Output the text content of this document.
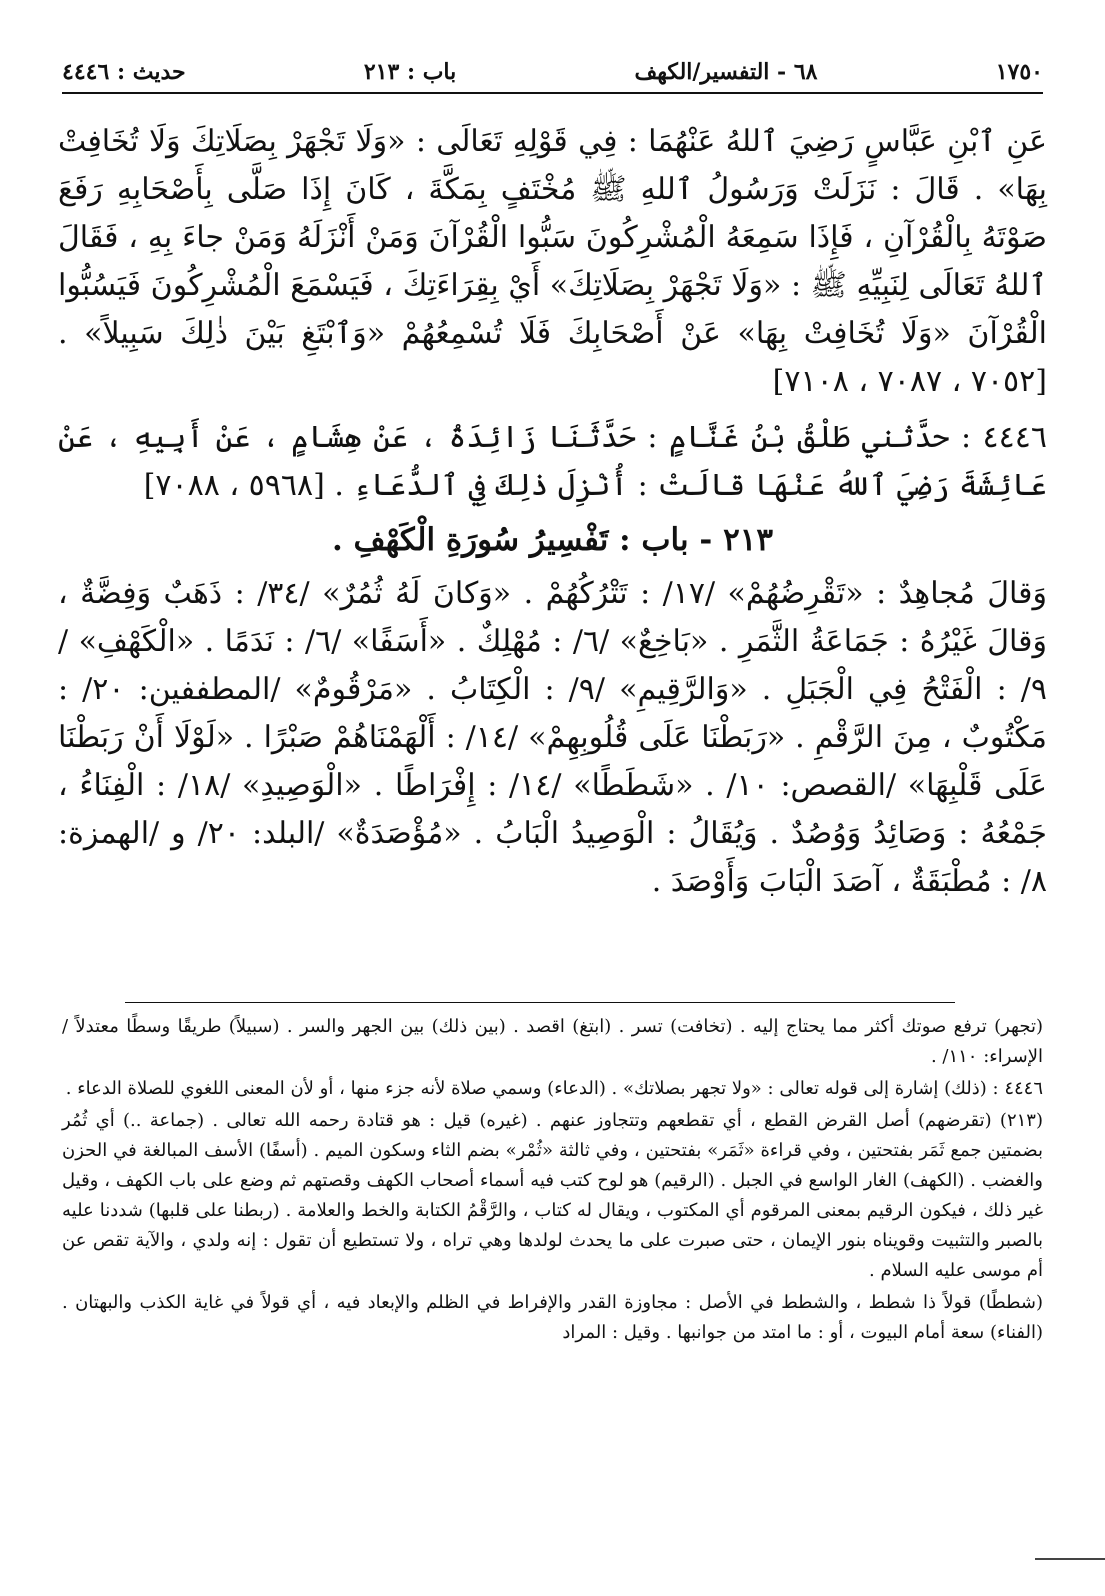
١٧٥٠
٦٨ - التفسير/الكهف
باب : ٢١٣
حديث : ٤٤٤٦

عَنِ ٱبْنِ عَبَّاسٍ رَضِيَ ٱللهُ عَنْهُمَا : فِي قَوْلِهِ تَعَالَى : «وَلَا تَجْهَرْ بِصَلَاتِكَ وَلَا تُخَافِتْ بِهَا» . قَالَ : نَزَلَتْ وَرَسُولُ ٱللهِ ﷺ مُخْتَفٍ بِمَكَّةَ ، كَانَ إِذَا صَلَّى بِأَصْحَابِهِ رَفَعَ صَوْتَهُ بِالْقُرْآنِ ، فَإِذَا سَمِعَهُ الْمُشْرِكُونَ سَبُّوا الْقُرْآنَ وَمَنْ أَنْزَلَهُ وَمَنْ جاءَ بِهِ ، فَقَالَ ٱللهُ تَعَالَى لِنَبِيِّهِ ﷺ : «وَلَا تَجْهَرْ بِصَلَاتِكَ» أَيْ بِقِرَاءَتِكَ ، فَيَسْمَعَ الْمُشْرِكُونَ فَيَسُبُّوا الْقُرْآنَ «وَلَا تُخَافِتْ بِهَا» عَنْ أَصْحَابِكَ فَلَا تُسْمِعُهُمْ «وَٱبْتَغِ بَيْنَ ذٰلِكَ سَبِيلاً» . [٧٠٥٢ ، ٧٠٨٧ ، ٧١٠٨]

٤٤٤٦ : حدَّثني طَلْقُ بْنُ غَنَّامٍ : حَدَّثَنَا زَائِدَةُ ، عَنْ هِشَامٍ ، عَنْ أَبِيهِ ، عَنْ عَائِشَةَ رَضِيَ ٱللهُ عَنْهَا قالَتْ : أُنْزِلَ ذٰلِكَ فِي ٱلدُّعَاءِ . [٥٩٦٨ ، ٧٠٨٨]

٢١٣ - باب : تَفْسِيرُ سُورَةِ الْكَهْفِ .

وَقالَ مُجاهِدٌ : «تَقْرِضُهُمْ» /١٧/ : تَتْرُكُهُمْ . «وَكانَ لَهُ ثُمُرٌ» /٣٤/ : ذَهَبٌ وَفِضَّةٌ ، وَقالَ غَيْرُهُ : جَمَاعَةُ الثَّمَرِ . «بَاخِعٌ» /٦/ : مُهْلِكٌ . «أَسَفًا» /٦/ : نَدَمًا . «الْكَهْفِ» /٩/ : الْفَتْحُ فِي الْجَبَلِ . «وَالرَّقِيمِ» /٩/ : الْكِتَابُ . «مَرْقُومٌ» /المطففين: ٢٠/ : مَكْتُوبٌ ، مِنَ الرَّقْمِ . «رَبَطْنَا عَلَى قُلُوبِهِمْ» /١٤/ : أَلْهَمْنَاهُمْ صَبْرًا . «لَوْلَا أَنْ رَبَطْنَا عَلَى قَلْبِهَا» /القصص: ١٠/ . «شَطَطًا» /١٤/ : إِفْرَاطًا . «الْوَصِيدِ» /١٨/ : الْفِنَاءُ ، جَمْعُهُ : وَصَائِدُ وَوُصُدٌ . وَيُقَالُ : الْوَصِيدُ الْبَابُ . «مُؤْصَدَةٌ» /البلد: ٢٠/ و /الهمزة: ٨/ : مُطْبَقَةٌ ، آصَدَ الْبَابَ وَأَوْصَدَ .

(تجهر) ترفع صوتك أكثر مما يحتاج إليه . (تخافت) تسر . (ابتغ) اقصد . (بين ذلك) بين الجهر والسر . (سبيلاً) طريقًا وسطًا معتدلاً /الإسراء: ١١٠/ .

٤٤٤٦ : (ذلك) إشارة إلى قوله تعالى : «ولا تجهر بصلاتك» . (الدعاء) وسمي صلاة لأنه جزء منها ، أو لأن المعنى اللغوي للصلاة الدعاء .

(٢١٣) (تقرضهم) أصل القرض القطع ، أي تقطعهم وتتجاوز عنهم . (غيره) قيل : هو قتادة رحمه الله تعالى . (جماعة ..) أي ثُمُر بضمتين جمع ثَمَر بفتحتين ، وفي قراءة «ثَمَر» بفتحتين ، وفي ثالثة «ثُمْر» بضم الثاء وسكون الميم . (أسفًا) الأسف المبالغة في الحزن والغضب . (الكهف) الغار الواسع في الجبل . (الرقيم) هو لوح كتب فيه أسماء أصحاب الكهف وقصتهم ثم وضع على باب الكهف ، وقيل غير ذلك ، فيكون الرقيم بمعنى المرقوم أي المكتوب ، ويقال له كتاب ، والرَّقْمُ الكتابة والخط والعلامة . (ربطنا على قلبها) شددنا عليه بالصبر والتثبيت وقويناه بنور الإيمان ، حتى صبرت على ما يحدث لولدها وهي تراه ، ولا تستطيع أن تقول : إنه ولدي ، والآية تقص عن أم موسى عليه السلام .

(شططًا) قولاً ذا شطط ، والشطط في الأصل : مجاوزة القدر والإفراط في الظلم والإبعاد فيه ، أي قولاً في غاية الكذب والبهتان . (الفناء) سعة أمام البيوت ، أو : ما امتد من جوانبها . وقيل : المراد
